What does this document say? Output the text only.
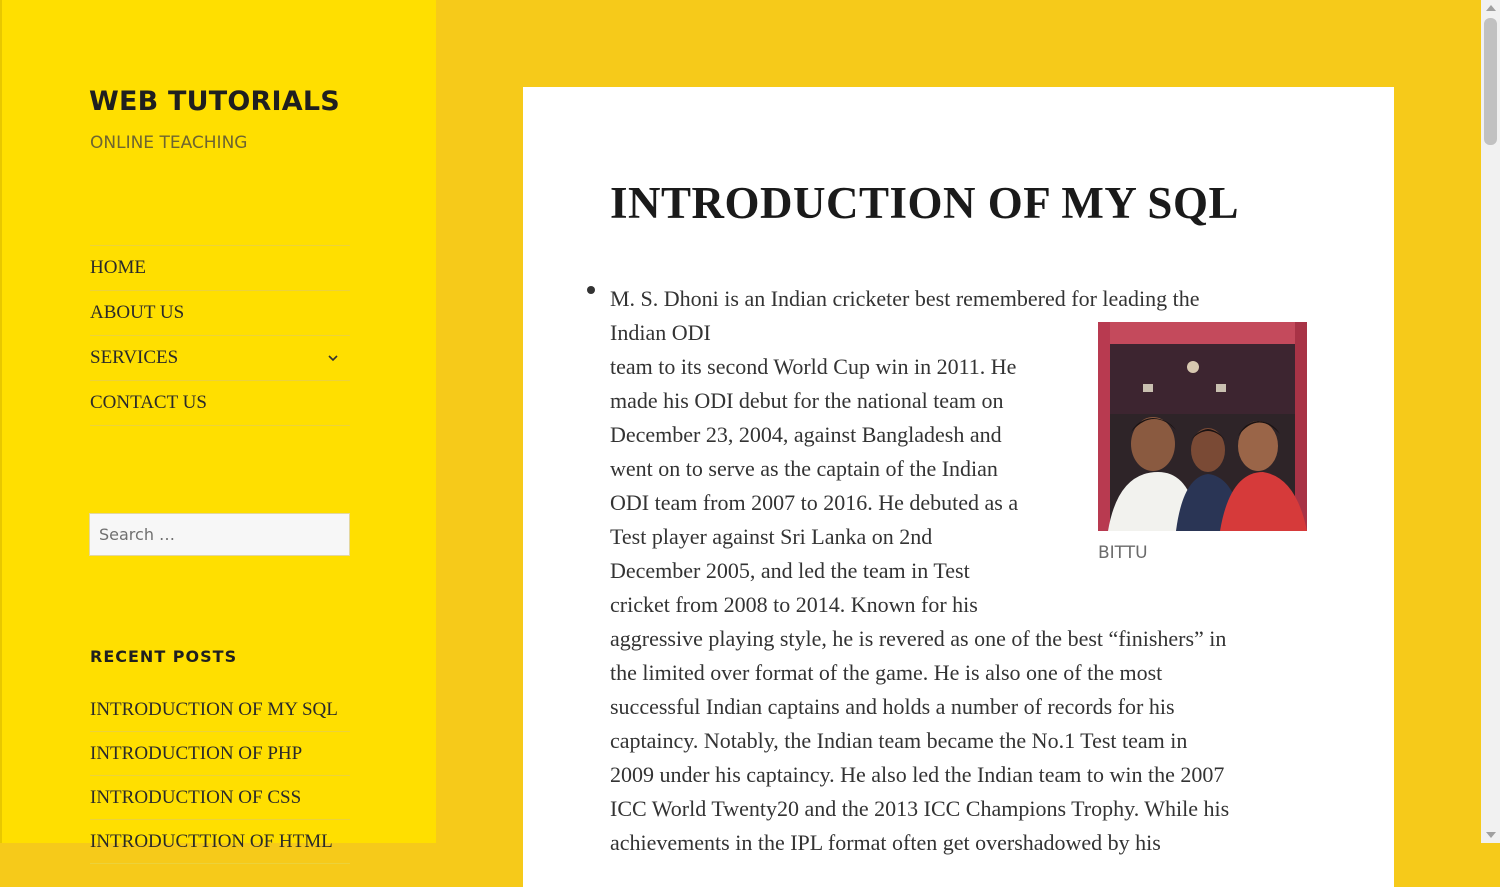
WEB TUTORIALS
ONLINE TEACHING
HOME
ABOUT US
SERVICES
CONTACT US
Search …
RECENT POSTS
INTRODUCTION OF MY SQL
INTRODUCTION OF PHP
INTRODUCTION OF CSS
INTRODUCTTION OF HTML
INTRODUCTION OF MY SQL
M. S. Dhoni is an Indian cricketer best remembered for leading the
Indian ODI
team to its second World Cup win in 2011. He
made his ODI debut for the national team on
December 23, 2004, against Bangladesh and
went on to serve as the captain of the Indian
ODI team from 2007 to 2016. He debuted as a
Test player against Sri Lanka on 2nd
December 2005, and led the team in Test
cricket from 2008 to 2014. Known for his
aggressive playing style, he is revered as one of the best “finishers” in
the limited over format of the game. He is also one of the most
successful Indian captains and holds a number of records for his
captaincy. Notably, the Indian team became the No.1 Test team in
2009 under his captaincy. He also led the Indian team to win the 2007
ICC World Twenty20 and the 2013 ICC Champions Trophy. While his
achievements in the IPL format often get overshadowed by his
BITTU
